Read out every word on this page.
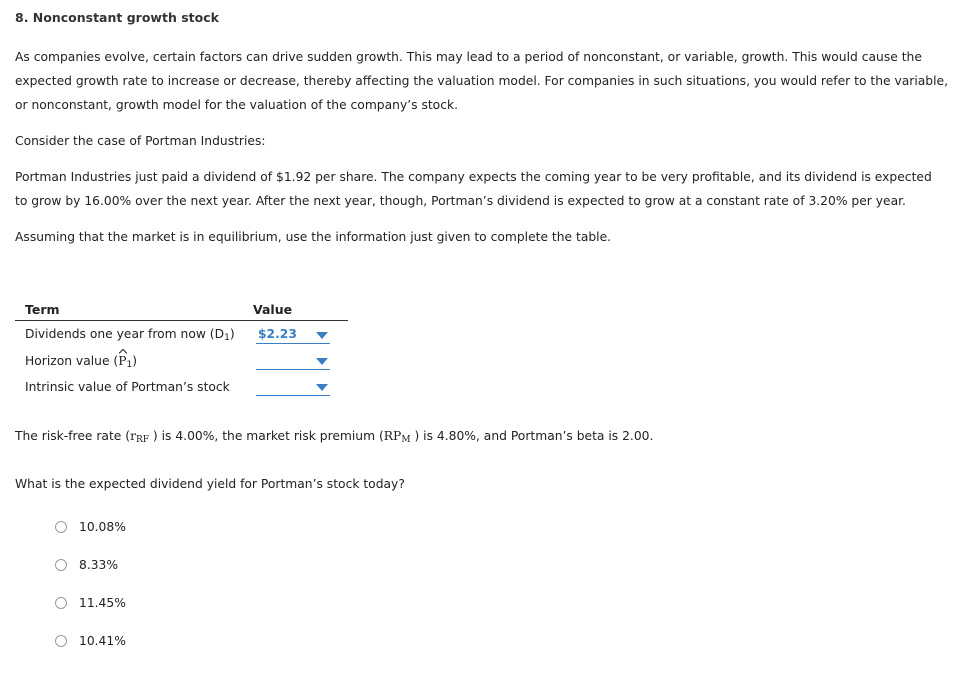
8. Nonconstant growth stock
As companies evolve, certain factors can drive sudden growth. This may lead to a period of nonconstant, or variable, growth. This would cause the
expected growth rate to increase or decrease, thereby affecting the valuation model. For companies in such situations, you would refer to the variable,
or nonconstant, growth model for the valuation of the company’s stock.
Consider the case of Portman Industries:
Portman Industries just paid a dividend of $1.92 per share. The company expects the coming year to be very profitable, and its dividend is expected
to grow by 16.00% over the next year. After the next year, though, Portman’s dividend is expected to grow at a constant rate of 3.20% per year.
Assuming that the market is in equilibrium, use the information just given to complete the table.
Term	Value
Dividends one year from now $(D_1)$ $2.23
Horizon value $(P_1)$
Intrinsic value of Portman’s stock
The risk-free rate ($r_{RF}$ ) is 4.00%, the market risk premium ($RP_M$ ) is 4.80%, and Portman’s beta is 2.00.
What is the expected dividend yield for Portman’s stock today?
10.08%
8.33%
11.45%
10.41%
